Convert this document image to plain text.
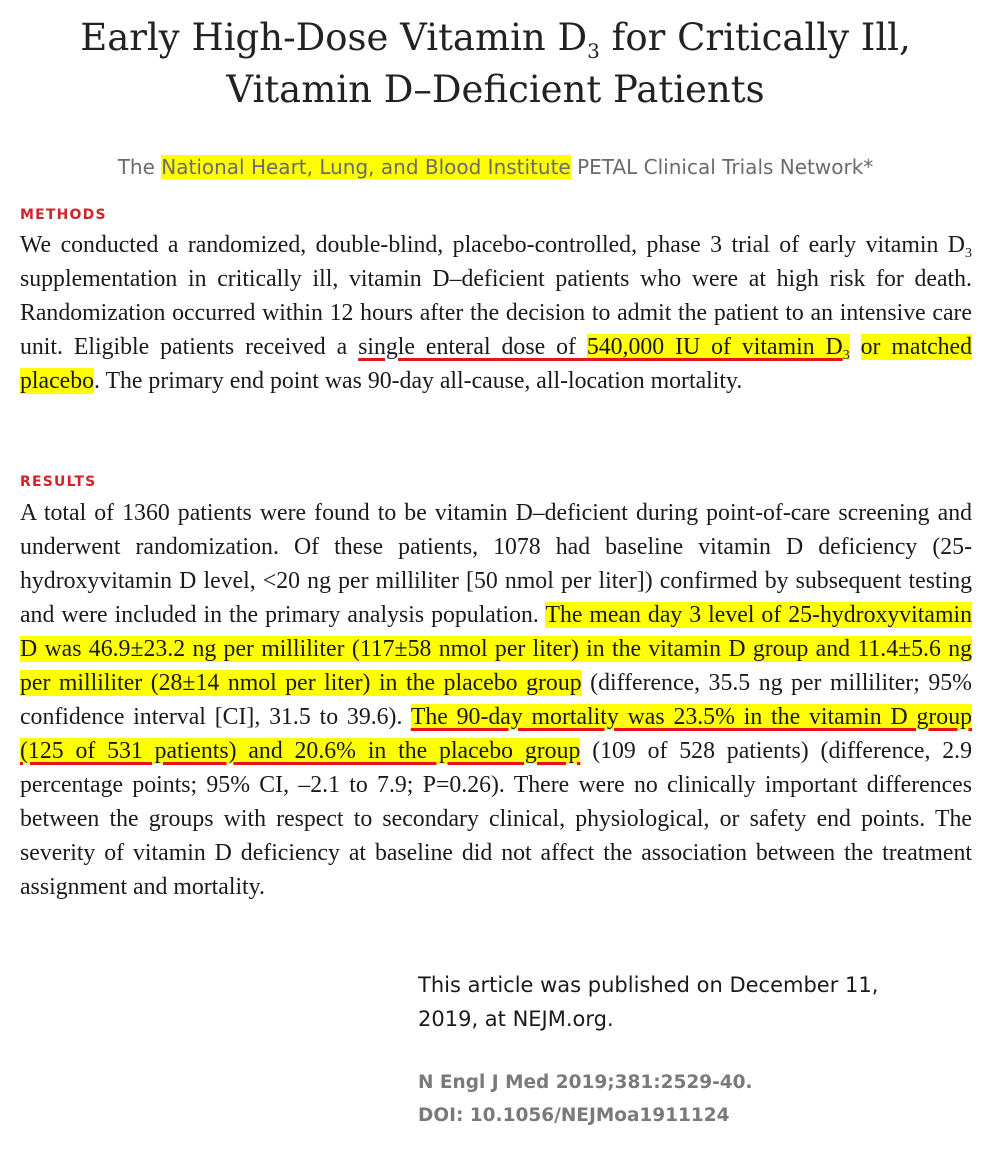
Early High-Dose Vitamin $D_3$ for Critically Ill,
Vitamin D–Deficient Patients
The National Heart, Lung, and Blood Institute PETAL Clinical Trials Network*
METHODS

We conducted a randomized, double-blind, placebo-controlled, phase 3 trial of early vitamin $D_3$ supplementation in critically ill, vitamin D–deficient patients who were at high risk for death. Randomization occurred within 12 hours after the decision to admit the patient to an intensive care unit. Eligible patients received a single enteral dose of 540,000 IU of vitamin $D_3$ or matched placebo. The primary end point was 90-day all-cause, all-location mortality.

RESULTS

A total of 1360 patients were found to be vitamin D–deficient during point-of-care screening and underwent randomization. Of these patients, 1078 had baseline vitamin D deficiency (25-hydroxyvitamin D level, <20 ng per milliliter [50 nmol per liter]) confirmed by subsequent testing and were included in the primary analysis population. The mean day 3 level of 25-hydroxyvitamin D was 46.9±23.2 ng per milliliter (117±58 nmol per liter) in the vitamin D group and 11.4±5.6 ng per milliliter (28±14 nmol per liter) in the placebo group (difference, 35.5 ng per milliliter; 95% confidence interval [CI], 31.5 to 39.6). The 90-day mortality was 23.5% in the vitamin D group (125 of 531 patients) and 20.6% in the placebo group (109 of 528 patients) (difference, 2.9 percentage points; 95% CI, –2.1 to 7.9; P=0.26). There were no clinically important differences between the groups with respect to secondary clinical, physiological, or safety end points. The severity of vitamin D deficiency at baseline did not affect the association between the treatment assignment and mortality.

This article was published on December 11,
2019, at NEJM.org.
N Engl J Med 2019;381:2529-40.
DOI: 10.1056/NEJMoa1911124
